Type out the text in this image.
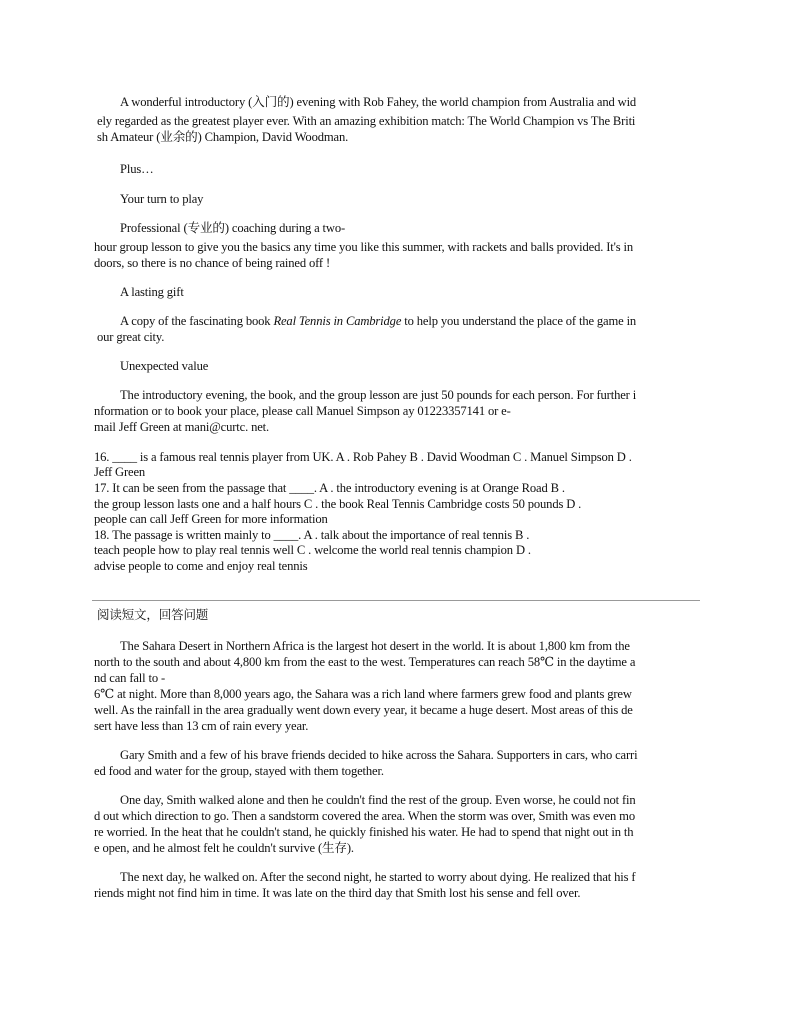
A wonderful introductory (入门的) evening with Rob Fahey, the world champion from Australia and wid
ely regarded as the greatest player ever. With an amazing exhibition match: The World Champion vs The Briti
sh Amateur (业余的) Champion, David Woodman.
Plus…
Your turn to play
Professional (专业的) coaching during a two-
hour group lesson to give you the basics any time you like this summer, with rackets and balls provided. It's in
doors, so there is no chance of being rained off !
A lasting gift
A copy of the fascinating book Real Tennis in Cambridge to help you understand the place of the game in
our great city.
Unexpected value
The introductory evening, the book, and the group lesson are just 50 pounds for each person. For further i
nformation or to book your place, please call Manuel Simpson ay 01223357141 or e-
mail Jeff Green at mani@curtc. net.
16. ____ is a famous real tennis player from UK. A . Rob Pahey B . David Woodman C . Manuel Simpson D .
Jeff Green
17. It can be seen from the passage that ____. A . the introductory evening is at Orange Road B .
the group lesson lasts one and a half hours C . the book Real Tennis Cambridge costs 50 pounds D .
people can call Jeff Green for more information
18. The passage is written mainly to ____. A . talk about the importance of real tennis B .
teach people how to play real tennis well C . welcome the world real tennis champion D .
advise people to come and enjoy real tennis
阅读短文，回答问题
The Sahara Desert in Northern Africa is the largest hot desert in the world. It is about 1,800 km from the
north to the south and about 4,800 km from the east to the west. Temperatures can reach 58℃ in the daytime a
nd can fall to -
6℃ at night. More than 8,000 years ago, the Sahara was a rich land where farmers grew food and plants grew
well. As the rainfall in the area gradually went down every year, it became a huge desert. Most areas of this de
sert have less than 13 cm of rain every year.
Gary Smith and a few of his brave friends decided to hike across the Sahara. Supporters in cars, who carri
ed food and water for the group, stayed with them together.
One day, Smith walked alone and then he couldn't find the rest of the group. Even worse, he could not fin
d out which direction to go. Then a sandstorm covered the area. When the storm was over, Smith was even mo
re worried. In the heat that he couldn't stand, he quickly finished his water. He had to spend that night out in th
e open, and he almost felt he couldn't survive (生存).
The next day, he walked on. After the second night, he started to worry about dying. He realized that his f
riends might not find him in time. It was late on the third day that Smith lost his sense and fell over.
